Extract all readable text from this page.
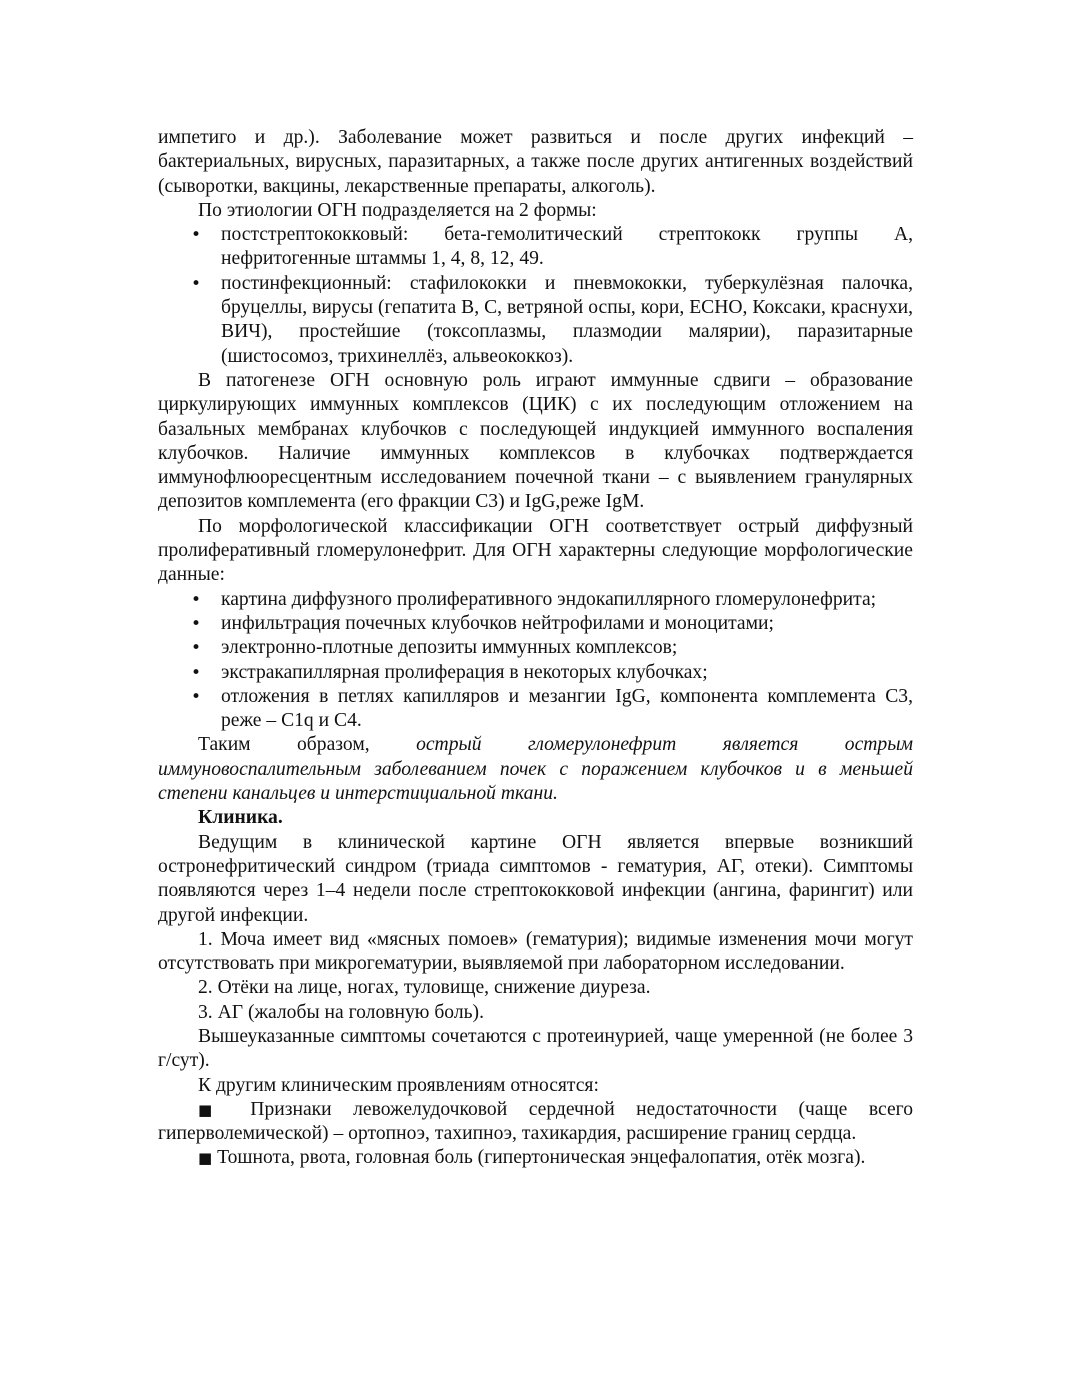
импетиго и др.). Заболевание может развиться и после других инфекций – бактериальных, вирусных, паразитарных, а также после других антигенных воздействий (сыворотки, вакцины, лекарственные препараты, алкоголь).

По этиологии ОГН подразделяется на 2 формы:

• постстрептококковый: бета-гемолитический стрептококк группы А, нефритогенные штаммы 1, 4, 8, 12, 49.
• постинфекционный: стафилококки и пневмококки, туберкулёзная палочка, бруцеллы, вирусы (гепатита В, С, ветряной оспы, кори, ЕСНО, Коксаки, краснухи, ВИЧ), простейшие (токсоплазмы, плазмодии малярии), паразитарные (шистосомоз, трихинеллёз, альвеококкоз).

В патогенезе ОГН основную роль играют иммунные сдвиги – образование циркулирующих иммунных комплексов (ЦИК) с их последующим отложением на базальных мембранах клубочков с последующей индукцией иммунного воспаления клубочков. Наличие иммунных комплексов в клубочках подтверждается иммунофлюоресцентным исследованием почечной ткани – с выявлением гранулярных депозитов комплемента (его фракции С3) и IgG,реже IgM.

По морфологической классификации ОГН соответствует острый диффузный пролиферативный гломерулонефрит. Для ОГН характерны следующие морфологические данные:

• картина диффузного пролиферативного эндокапиллярного гломерулонефрита;
• инфильтрация почечных клубочков нейтрофилами и моноцитами;
• электронно-плотные депозиты иммунных комплексов;
• экстракапиллярная пролиферация в некоторых клубочках;
• отложения в петлях капилляров и мезангии IgG, компонента комплемента С3, реже – С1q и С4.

Таким образом, острый гломерулонефрит является острым иммуновоспалительным заболеванием почек с поражением клубочков и в меньшей степени канальцев и интерстициальной ткани.

Клиника.

Ведущим в клинической картине ОГН является впервые возникший остронефритический синдром (триада симптомов - гематурия, АГ, отеки). Симптомы появляются через 1–4 недели после стрептококковой инфекции (ангина, фарингит) или другой инфекции.

1. Моча имеет вид «мясных помоев» (гематурия); видимые изменения мочи могут отсутствовать при микрогематурии, выявляемой при лабораторном исследовании.

2. Отёки на лице, ногах, туловище, снижение диуреза.

3. АГ (жалобы на головную боль).

Вышеуказанные симптомы сочетаются с протеинурией, чаще умеренной (не более 3 г/сут).

К другим клиническим проявлениям относятся:

■ Признаки левожелудочковой сердечной недостаточности (чаще всего гиперволемической) – ортопноэ, тахипноэ, тахикардия, расширение границ сердца.

■ Тошнота, рвота, головная боль (гипертоническая энцефалопатия, отёк мозга).
